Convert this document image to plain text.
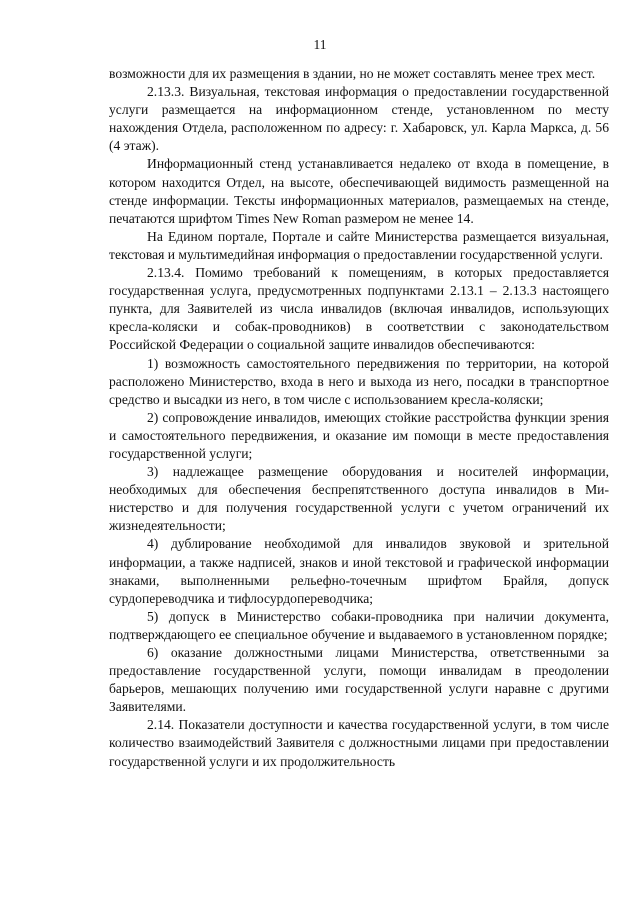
11

возможности для их размещения в здании, но не может составлять менее трех мест.

2.13.3. Визуальная, текстовая информация о предоставлении государственной услуги размещается на информационном стенде, установленном по месту нахождения Отдела, расположенном по адресу: г. Хабаровск, ул. Карла Маркса, д. 56 (4 этаж).

Информационный стенд устанавливается недалеко от входа в помещение, в котором находится Отдел, на высоте, обеспечивающей видимость размещенной на стенде информации. Тексты информационных материалов, размещаемых на стенде, печатаются шрифтом Times New Roman размером не менее 14.

На Едином портале, Портале и сайте Министерства размещается визуальная, текстовая и мультимедийная информация о предоставлении государственной услуги.

2.13.4. Помимо требований к помещениям, в которых предоставляется государственная услуга, предусмотренных подпунктами 2.13.1 – 2.13.3 настоящего пункта, для Заявителей из числа инвалидов (включая инвалидов, использующих кресла-коляски и собак-проводников) в соответствии с законодательством Российской Федерации о социальной защите инвалидов обеспечиваются:

1) возможность самостоятельного передвижения по территории, на которой расположено Министерство, входа в него и выхода из него, посадки в транспортное средство и высадки из него, в том числе с использованием кресла-коляски;

2) сопровождение инвалидов, имеющих стойкие расстройства функции зрения и самостоятельного передвижения, и оказание им помощи в месте предоставления государственной услуги;

3) надлежащее размещение оборудования и носителей информации, необходимых для обеспечения беспрепятственного доступа инвалидов в Министерство и для получения государственной услуги с учетом ограничений их жизнедеятельности;

4) дублирование необходимой для инвалидов звуковой и зрительной информации, а также надписей, знаков и иной текстовой и графической информации знаками, выполненными рельефно-точечным шрифтом Брайля, допуск сурдопереводчика и тифлосурдопереводчика;

5) допуск в Министерство собаки-проводника при наличии документа, подтверждающего ее специальное обучение и выдаваемого в установленном порядке;

6) оказание должностными лицами Министерства, ответственными за предоставление государственной услуги, помощи инвалидам в преодолении барьеров, мешающих получению ими государственной услуги наравне с другими Заявителями.

2.14. Показатели доступности и качества государственной услуги, в том числе количество взаимодействий Заявителя с должностными лицами при предоставлении государственной услуги и их продолжительность
